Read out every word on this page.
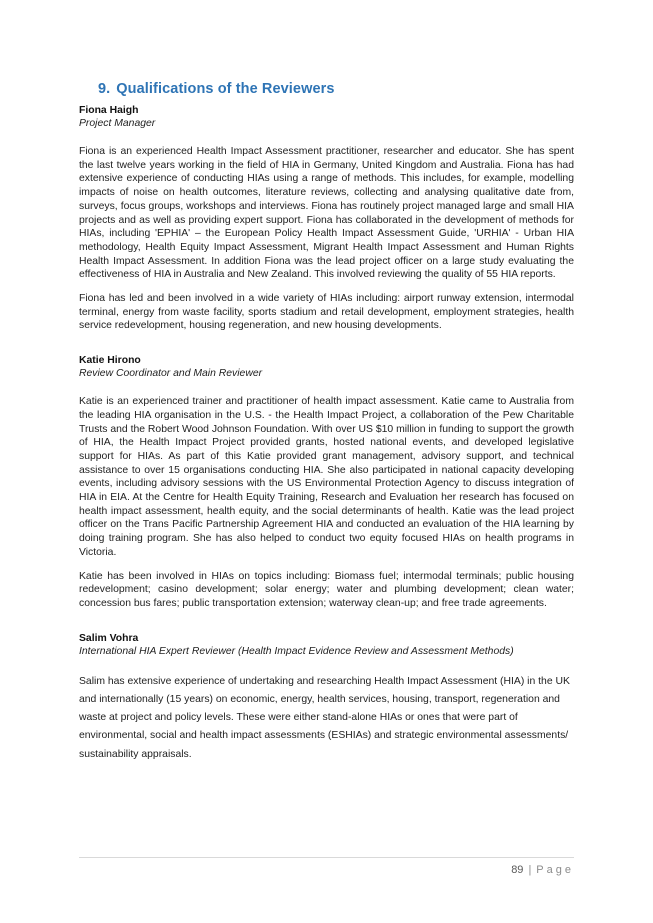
9. Qualifications of the Reviewers

Fiona Haigh

Project Manager

Fiona is an experienced Health Impact Assessment practitioner, researcher and educator. She has spent the last twelve years working in the field of HIA in Germany, United Kingdom and Australia. Fiona has had extensive experience of conducting HIAs using a range of methods. This includes, for example, modelling impacts of noise on health outcomes, literature reviews, collecting and analysing qualitative date from, surveys, focus groups, workshops and interviews. Fiona has routinely project managed large and small HIA projects and as well as providing expert support. Fiona has collaborated in the development of methods for HIAs, including 'EPHIA' – the European Policy Health Impact Assessment Guide, 'URHIA' - Urban HIA methodology, Health Equity Impact Assessment, Migrant Health Impact Assessment and Human Rights Health Impact Assessment. In addition Fiona was the lead project officer on a large study evaluating the effectiveness of HIA in Australia and New Zealand. This involved reviewing the quality of 55 HIA reports.

Fiona has led and been involved in a wide variety of HIAs including: airport runway extension, intermodal terminal, energy from waste facility, sports stadium and retail development, employment strategies, health service redevelopment, housing regeneration, and new housing developments.

Katie Hirono

Review Coordinator and Main Reviewer

Katie is an experienced trainer and practitioner of health impact assessment. Katie came to Australia from the leading HIA organisation in the U.S. - the Health Impact Project, a collaboration of the Pew Charitable Trusts and the Robert Wood Johnson Foundation. With over US $10 million in funding to support the growth of HIA, the Health Impact Project provided grants, hosted national events, and developed legislative support for HIAs. As part of this Katie provided grant management, advisory support, and technical assistance to over 15 organisations conducting HIA. She also participated in national capacity developing events, including advisory sessions with the US Environmental Protection Agency to discuss integration of HIA in EIA. At the Centre for Health Equity Training, Research and Evaluation her research has focused on health impact assessment, health equity, and the social determinants of health. Katie was the lead project officer on the Trans Pacific Partnership Agreement HIA and conducted an evaluation of the HIA learning by doing training program. She has also helped to conduct two equity focused HIAs on health programs in Victoria.

Katie has been involved in HIAs on topics including: Biomass fuel; intermodal terminals; public housing redevelopment; casino development; solar energy; water and plumbing development; clean water; concession bus fares; public transportation extension; waterway clean-up; and free trade agreements.

Salim Vohra

International HIA Expert Reviewer (Health Impact Evidence Review and Assessment Methods)

Salim has extensive experience of undertaking and researching Health Impact Assessment (HIA) in the UK and internationally (15 years) on economic, energy, health services, housing, transport, regeneration and waste at project and policy levels. These were either stand-alone HIAs or ones that were part of environmental, social and health impact assessments (ESHIAs) and strategic environmental assessments/ sustainability appraisals.

89 | Page
